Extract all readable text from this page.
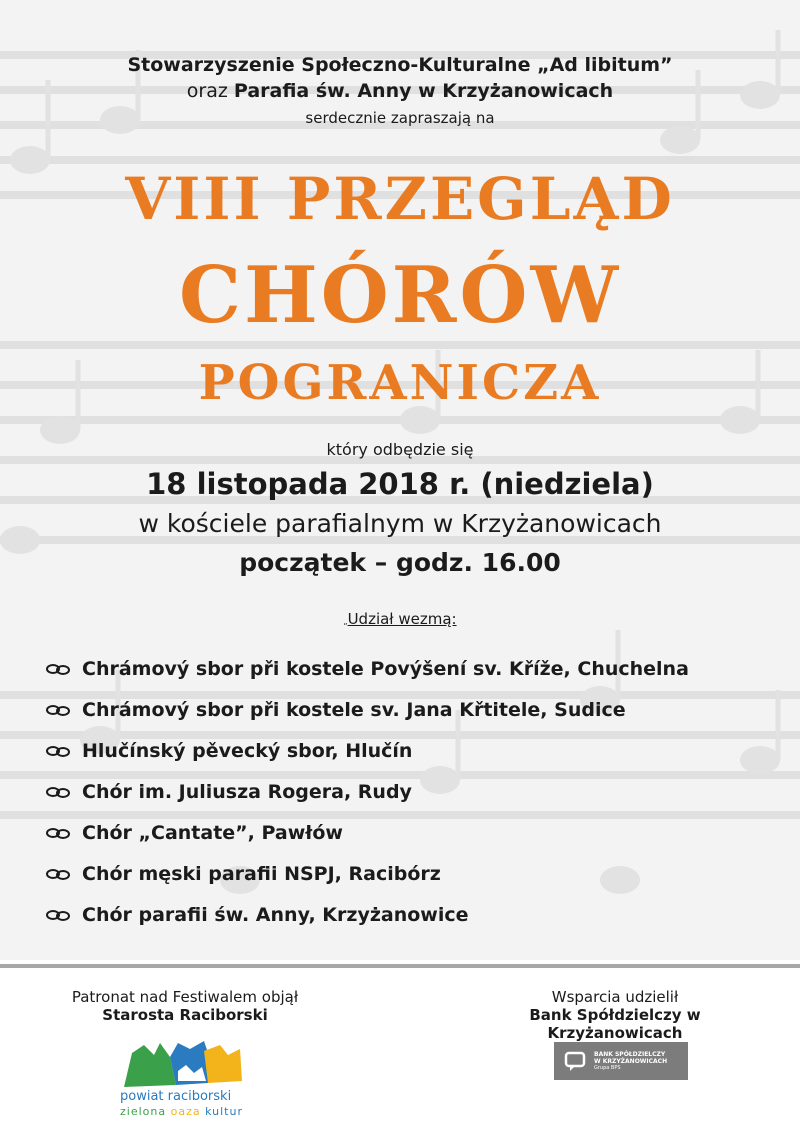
Stowarzyszenie Społeczno-Kulturalne „Ad libitum”
oraz Parafia św. Anny w Krzyżanowicach
serdecznie zapraszają na
VIII PRZEGLĄD
CHÓRÓW
POGRANICZA
który odbędzie się
18 listopada 2018 r. (niedziela)
w kościele parafialnym w Krzyżanowicach
początek – godz. 16.00
„Udział wezmą:
Chrámový sbor při kostele Povýšení sv. Kříže, Chuchelna
Chrámový sbor při kostele sv. Jana Křtitele, Sudice
Hlučínský pěvecký sbor, Hlučín
Chór im. Juliusza Rogera, Rudy
Chór „Cantate”, Pawłów
Chór męski parafii NSPJ, Racibórz
Chór parafii św. Anny, Krzyżanowice
Patronat nad Festiwalem objął
Starosta Raciborski
powiat raciborski
zielona oaza kultur
Wsparcia udzielił
Bank Spółdzielczy w Krzyżanowicach
BANK SPÓŁDZIELCZY
W KRZYŻANOWICACH
Grupa BPS
